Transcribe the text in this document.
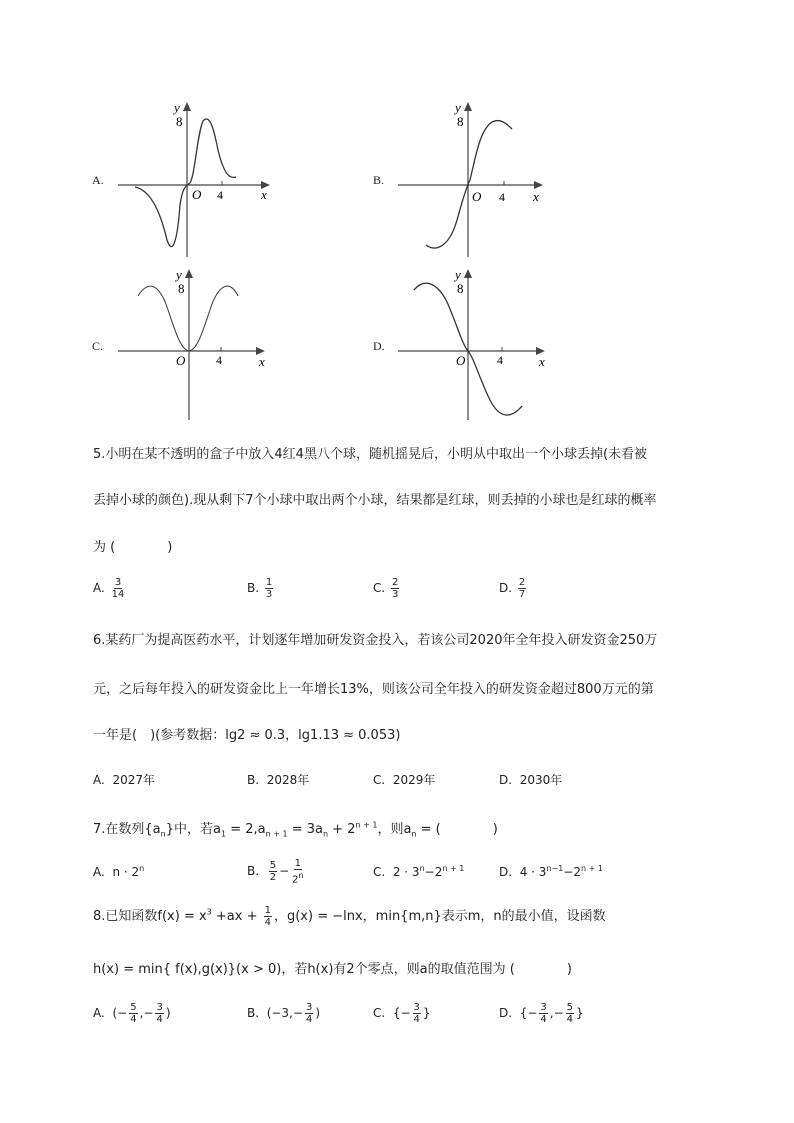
A.
y
8
O 4	x
B.
y
8
O 4 x
C.
y
8
O	4	x
D.
y
8
O	4	x
5.小明在某不透明的盒子中放入4红4黑八个球，随机摇晃后，小明从中取出一个小球丢掉(未看被
丢掉小球的颜色).现从剩下7个小球中取出两个小球，结果都是红球，则丢掉的小球也是红球的概率
为 (　　　　)
A. $\frac{3}{14}$	B. $\frac{1}{3}$	C. $\frac{2}{3}$	D. $\frac{2}{7}$
6.某药厂为提高医药水平，计划逐年增加研发资金投入，若该公司2020年全年投入研发资金250万
元，之后每年投入的研发资金比上一年增长13%，则该公司全年投入的研发资金超过800万元的第
一年是(　)(参考数据：lg2 ≈ 0.3，lg1.13 ≈ 0.053)
A. 2027年	B. 2028年	C. 2029年	D. 2030年
7.在数列$\{a_n\}$中，若$a_1 = 2,a_{n + 1} = 3a_n + 2^{n + 1}$，则$a_n$ = (　　　　)
A. $n \cdot 2^n$	B. $\frac{5}{2} - \frac{1}{2^n}$	C. $2 \cdot 3^n-2^{n + 1}$	D. $4 \cdot 3^{n-1}-2^{n + 1}$
8.已知函数$f(x) = x^3 +ax + \frac{1}{4}$ ，g(x) = −lnx，min{m,n}表示m，n的最小值，设函数
h(x) = min{ f(x),g(x)}(x > 0)，若h(x)有2个零点，则a的取值范围为 (　　　　)
A. (− $\frac{5}{4}$ ,− $\frac{3}{4}$ )	B. ($-3,- \frac{3}{4}$ )	C. {− $\frac{3}{4}$ }	D. {− $\frac{3}{4}$ ,− $\frac{5}{4}$ }
